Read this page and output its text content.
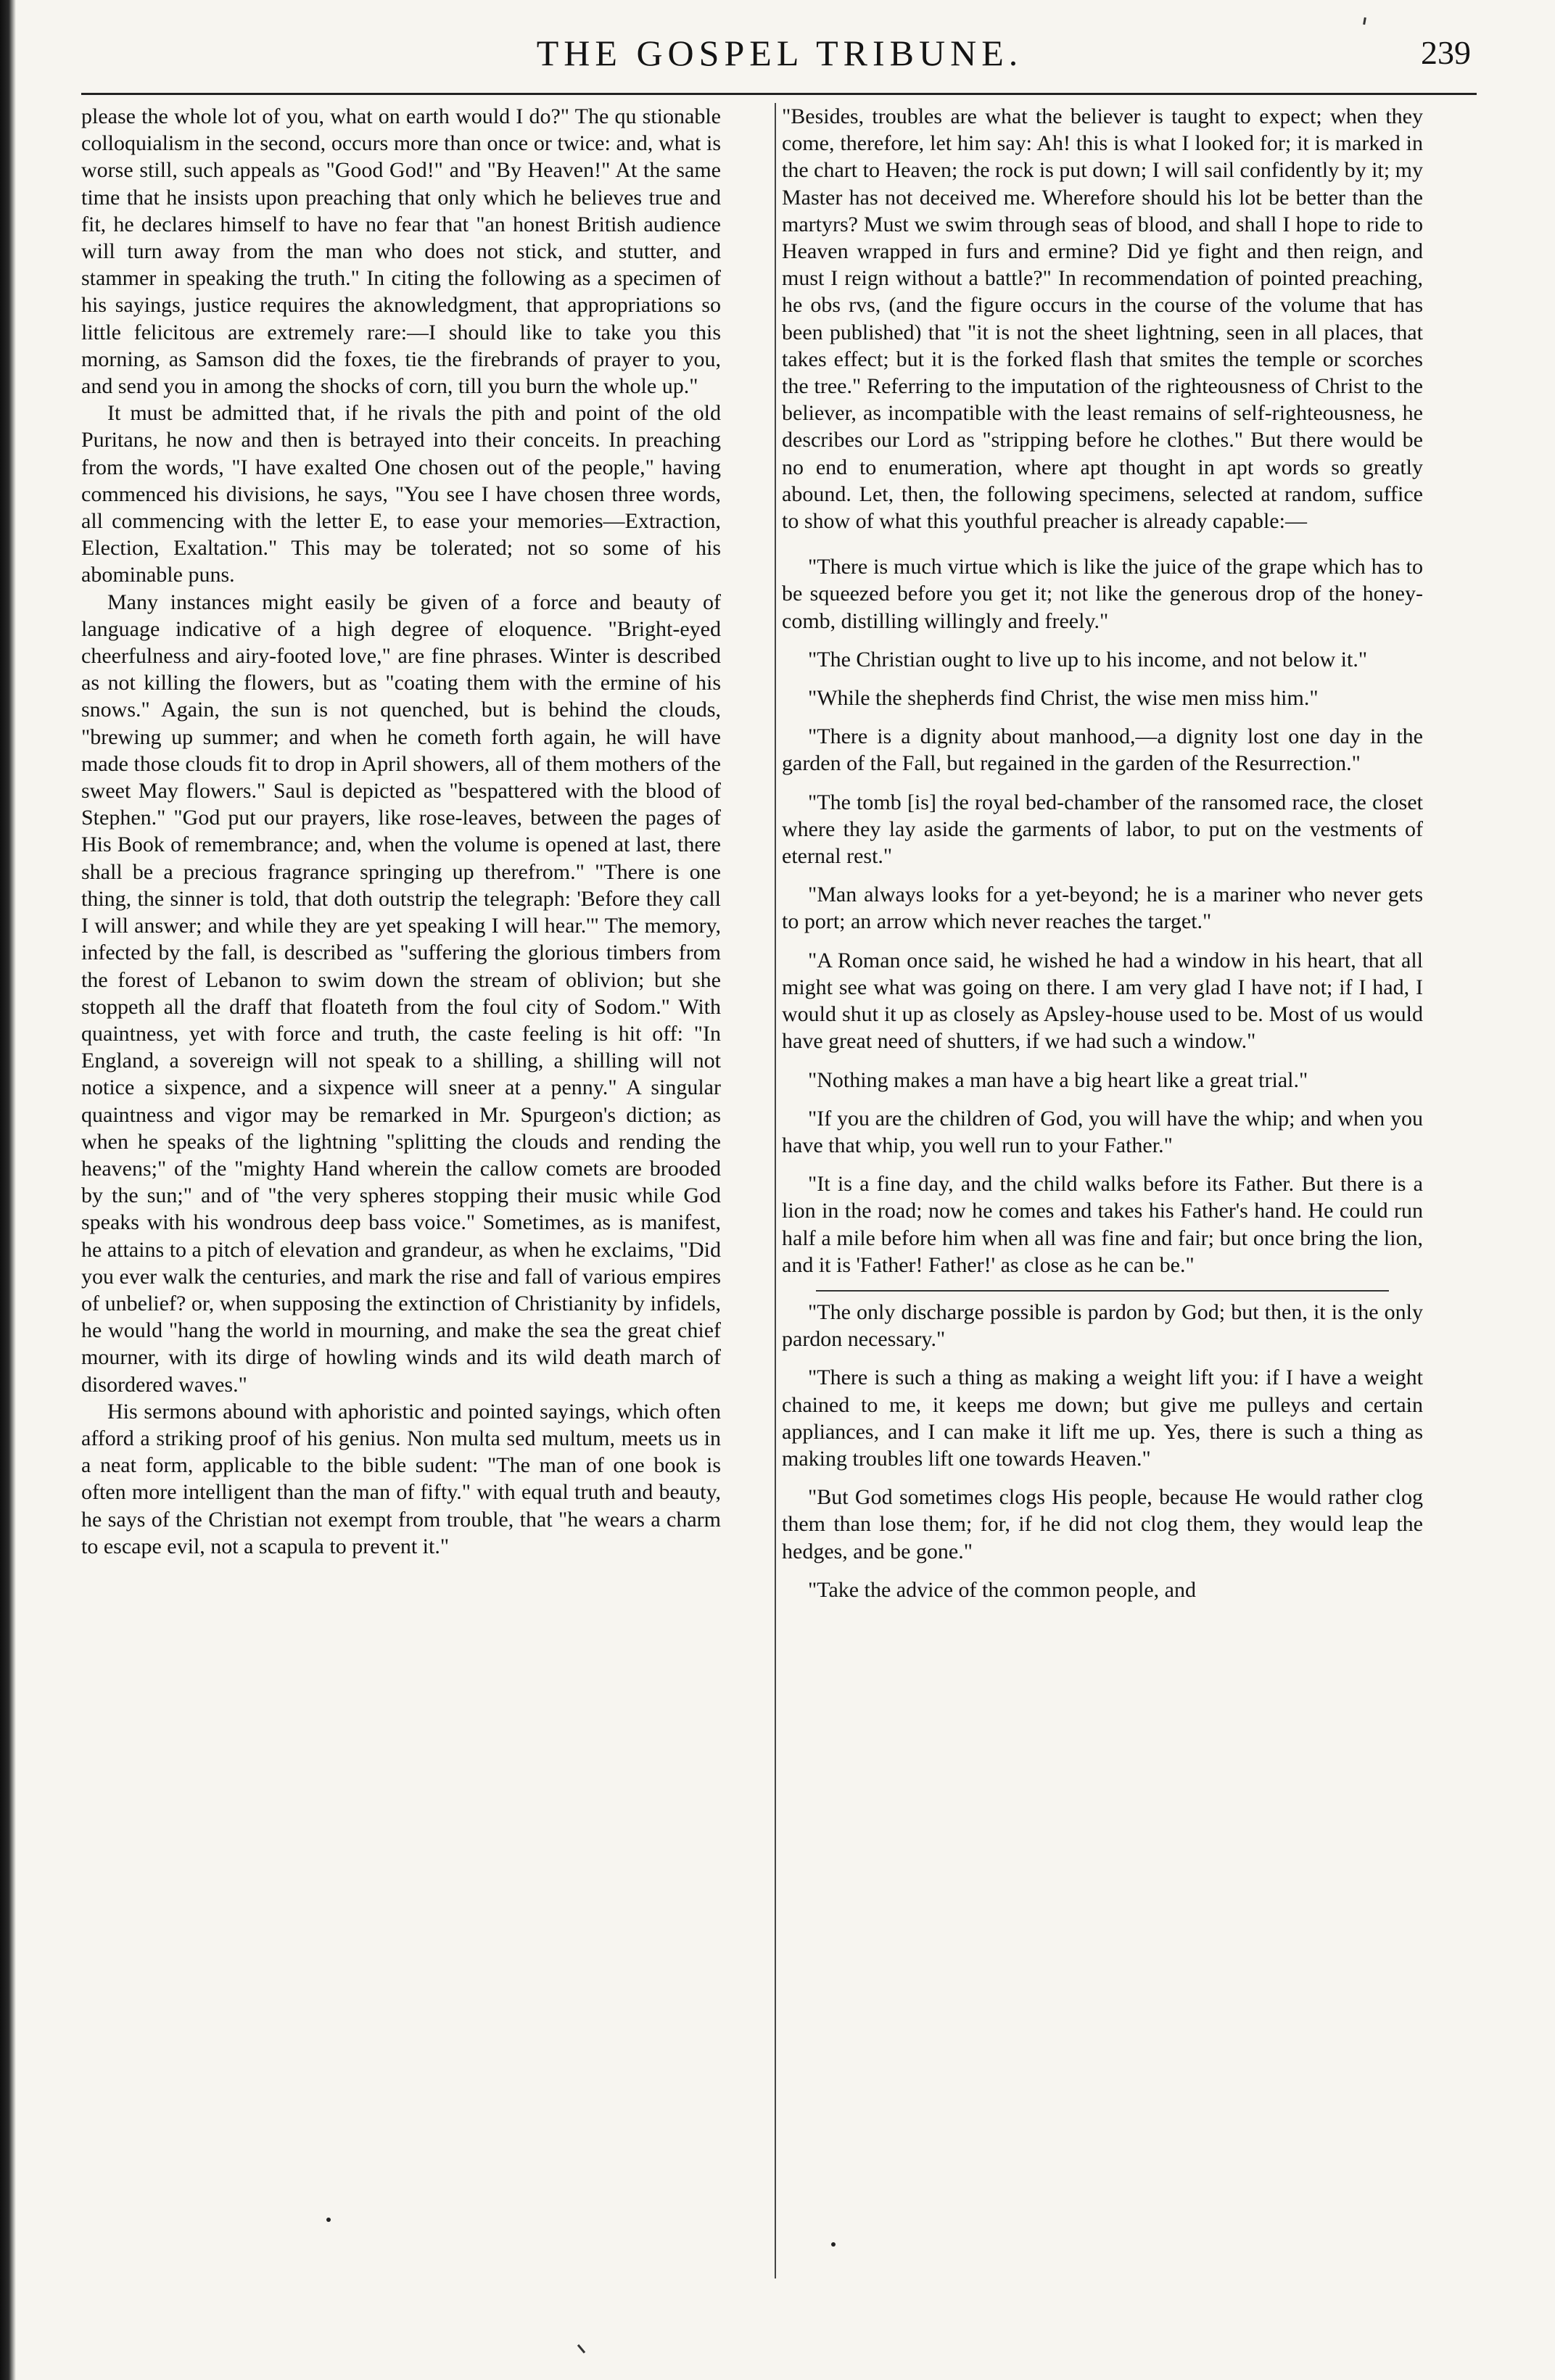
THE GOSPEL TRIBUNE.	239

please the whole lot of you, what on earth would I do?" The qu stionable colloquialism in the second, occurs more than once or twice: and, what is worse still, such appeals as "Good God!" and "By Heaven!" At the same time that he insists upon preaching that only which he believes true and fit, he declares himself to have no fear that "an honest British audience will turn away from the man who does not stick, and stutter, and stammer in speaking the truth." In citing the following as a specimen of his sayings, justice requires the aknowledgment, that appropriations so little felicitous are extremely rare:—I should like to take you this morning, as Samson did the foxes, tie the firebrands of prayer to you, and send you in among the shocks of corn, till you burn the whole up."

It must be admitted that, if he rivals the pith and point of the old Puritans, he now and then is betrayed into their conceits. In preaching from the words, "I have exalted One chosen out of the people," having commenced his divisions, he says, "You see I have chosen three words, all commencing with the letter E, to ease your memories—Extraction, Election, Exaltation." This may be tolerated; not so some of his abominable puns.

Many instances might easily be given of a force and beauty of language indicative of a high degree of eloquence. "Bright-eyed cheerfulness and airy-footed love," are fine phrases. Winter is described as not killing the flowers, but as "coating them with the ermine of his snows." Again, the sun is not quenched, but is behind the clouds, "brewing up summer; and when he cometh forth again, he will have made those clouds fit to drop in April showers, all of them mothers of the sweet May flowers." Saul is depicted as "bespattered with the blood of Stephen." "God put our prayers, like rose-leaves, between the pages of His Book of remembrance; and, when the volume is opened at last, there shall be a precious fragrance springing up therefrom." "There is one thing, the sinner is told, that doth outstrip the telegraph: 'Before they call I will answer; and while they are yet speaking I will hear.'" The memory, infected by the fall, is described as "suffering the glorious timbers from the forest of Lebanon to swim down the stream of oblivion; but she stoppeth all the draff that floateth from the foul city of Sodom." With quaintness, yet with force and truth, the caste feeling is hit off: "In England, a sovereign will not speak to a shilling, a shilling will not notice a sixpence, and a sixpence will sneer at a penny." A singular quaintness and vigor may be remarked in Mr. Spurgeon's diction; as when he speaks of the lightning "splitting the clouds and rending the heavens;" of the "mighty Hand wherein the callow comets are brooded by the sun;" and of "the very spheres stopping their music while God speaks with his wondrous deep bass voice." Sometimes, as is manifest, he attains to a pitch of elevation and grandeur, as when he exclaims, "Did you ever walk the centuries, and mark the rise and fall of various empires of unbelief? or, when supposing the extinction of Christianity by infidels, he would "hang the world in mourning, and make the sea the great chief mourner, with its dirge of howling winds and its wild death march of disordered waves."

His sermons abound with aphoristic and pointed sayings, which often afford a striking proof of his genius. Non multa sed multum, meets us in a neat form, applicable to the bible sudent: "The man of one book is often more intelligent than the man of fifty." with equal truth and beauty, he says of the Christian not exempt from trouble, that "he wears a charm to escape evil, not a scapula to prevent it."

"Besides, troubles are what the believer is taught to expect; when they come, therefore, let him say: Ah! this is what I looked for; it is marked in the chart to Heaven; the rock is put down; I will sail confidently by it; my Master has not deceived me. Wherefore should his lot be better than the martyrs? Must we swim through seas of blood, and shall I hope to ride to Heaven wrapped in furs and ermine? Did ye fight and then reign, and must I reign without a battle?" In recommendation of pointed preaching, he obs rvs, (and the figure occurs in the course of the volume that has been published) that "it is not the sheet lightning, seen in all places, that takes effect; but it is the forked flash that smites the temple or scorches the tree." Referring to the imputation of the righteousness of Christ to the believer, as incompatible with the least remains of self-righteousness, he describes our Lord as "stripping before he clothes." But there would be no end to enumeration, where apt thought in apt words so greatly abound. Let, then, the following specimens, selected at random, suffice to show of what this youthful preacher is already capable:—

"There is much virtue which is like the juice of the grape which has to be squeezed before you get it; not like the generous drop of the honey-comb, distilling willingly and freely."

"The Christian ought to live up to his income, and not below it."

"While the shepherds find Christ, the wise men miss him."

"There is a dignity about manhood,—a dignity lost one day in the garden of the Fall, but regained in the garden of the Resurrection."

"The tomb [is] the royal bed-chamber of the ransomed race, the closet where they lay aside the garments of labor, to put on the vestments of eternal rest."

"Man always looks for a yet-beyond; he is a mariner who never gets to port; an arrow which never reaches the target."

"A Roman once said, he wished he had a window in his heart, that all might see what was going on there. I am very glad I have not; if I had, I would shut it up as closely as Apsley-house used to be. Most of us would have great need of shutters, if we had such a window."

"Nothing makes a man have a big heart like a great trial."

"If you are the children of God, you will have the whip; and when you have that whip, you well run to your Father."

"It is a fine day, and the child walks before its Father. But there is a lion in the road; now he comes and takes his Father's hand. He could run half a mile before him when all was fine and fair; but once bring the lion, and it is 'Father! Father!' as close as he can be."

"The only discharge possible is pardon by God; but then, it is the only pardon necessary."

"There is such a thing as making a weight lift you: if I have a weight chained to me, it keeps me down; but give me pulleys and certain appliances, and I can make it lift me up. Yes, there is such a thing as making troubles lift one towards Heaven."

"But God sometimes clogs His people, because He would rather clog them than lose them; for, if he did not clog them, they would leap the hedges, and be gone."

"Take the advice of the common people, and
